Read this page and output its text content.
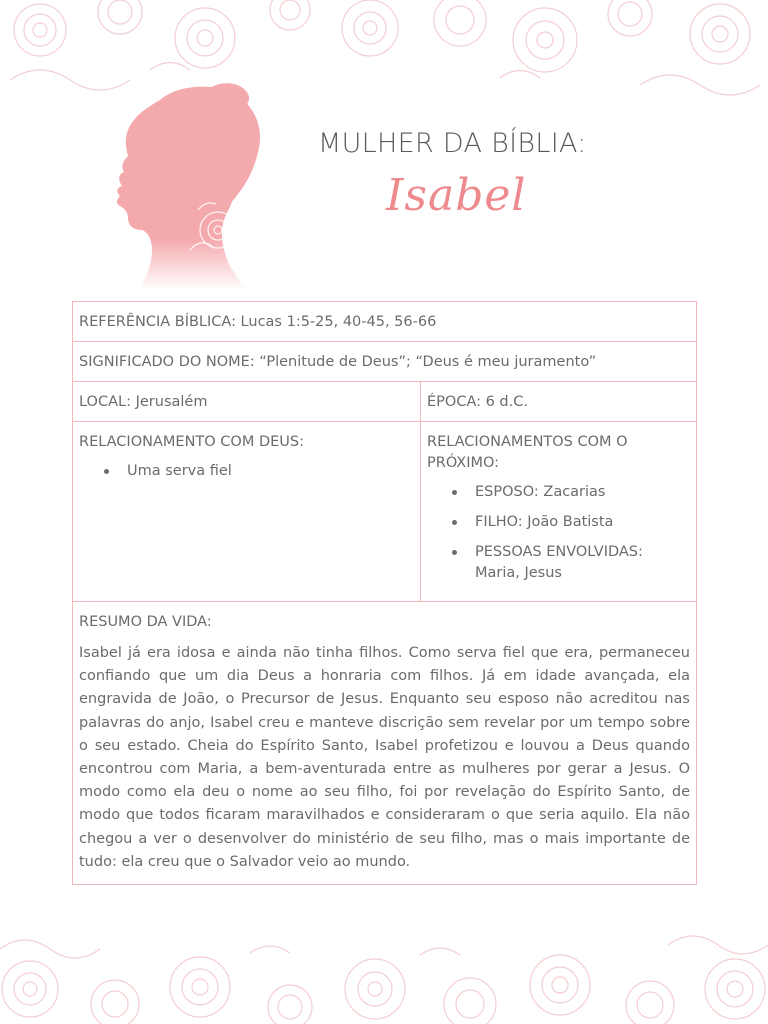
MULHER DA BÍBLIA:
Isabel
REFERÊNCIA BÍBLICA: Lucas 1:5-25, 40-45, 56-66
SIGNIFICADO DO NOME: “Plenitude de Deus”; “Deus é meu juramento”
LOCAL: Jerusalém	ÉPOCA: 6 d.C.
RELACIONAMENTO COM DEUS:
Uma serva fiel
RELACIONAMENTOS COM O PRÓXIMO:
ESPOSO: Zacarias
FILHO: João Batista
PESSOAS ENVOLVIDAS: Maria, Jesus
RESUMO DA VIDA:

Isabel já era idosa e ainda não tinha filhos. Como serva fiel que era, permaneceu confiando que um dia Deus a honraria com filhos. Já em idade avançada, ela engravida de João, o Precursor de Jesus. Enquanto seu esposo não acreditou nas palavras do anjo, Isabel creu e manteve discrição sem revelar por um tempo sobre o seu estado. Cheia do Espírito Santo, Isabel profetizou e louvou a Deus quando encontrou com Maria, a bem-aventurada entre as mulheres por gerar a Jesus. O modo como ela deu o nome ao seu filho, foi por revelação do Espírito Santo, de modo que todos ficaram maravilhados e consideraram o que seria aquilo. Ela não chegou a ver o desenvolver do ministério de seu filho, mas o mais importante de tudo: ela creu que o Salvador veio ao mundo.
